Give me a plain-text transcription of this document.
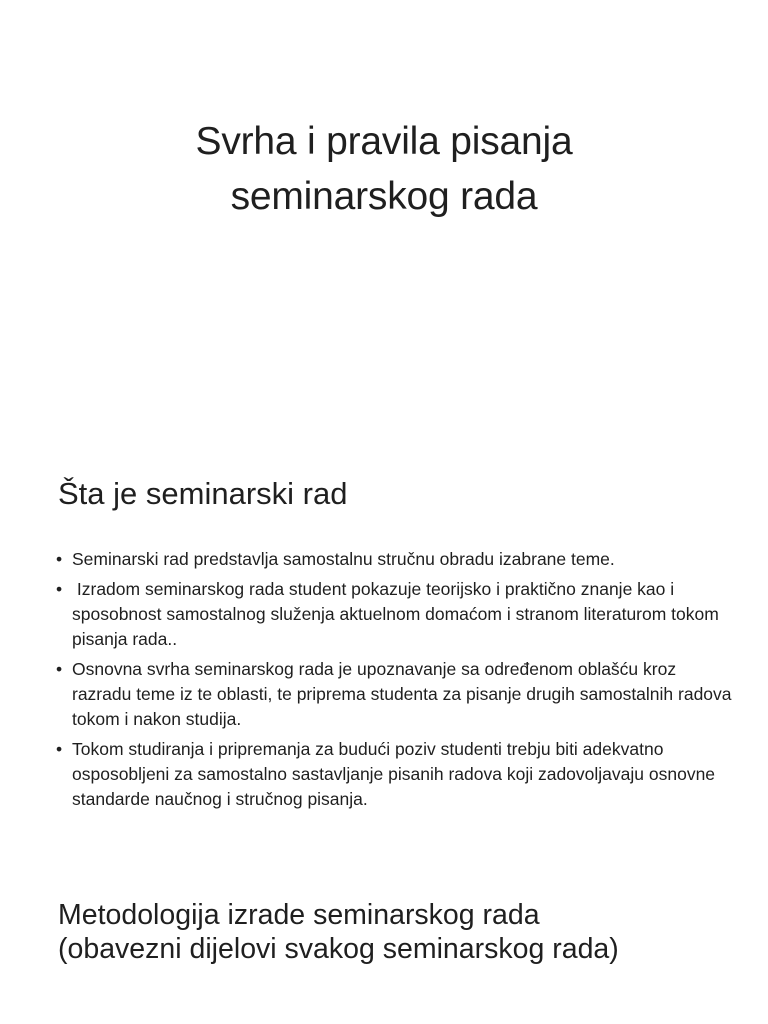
Svrha i pravila pisanja
seminarskog rada
Šta je seminarski rad
• Seminarski rad predstavlja samostalnu stručnu obradu izabrane teme.
• Izradom seminarskog rada student pokazuje teorijsko i praktično znanje kao i sposobnost samostalnog služenja aktuelnom domaćom i stranom literaturom tokom pisanja rada..
• Osnovna svrha seminarskog rada je upoznavanje sa određenom oblašću kroz razradu teme iz te oblasti, te priprema studenta za pisanje drugih samostalnih radova tokom i nakon studija.
• Tokom studiranja i pripremanja za budući poziv studenti trebju biti adekvatno osposobljeni za samostalno sastavljanje pisanih radova koji zadovoljavaju osnovne standarde naučnog i stručnog pisanja.
Metodologija izrade seminarskog rada
(obavezni dijelovi svakog seminarskog rada)
